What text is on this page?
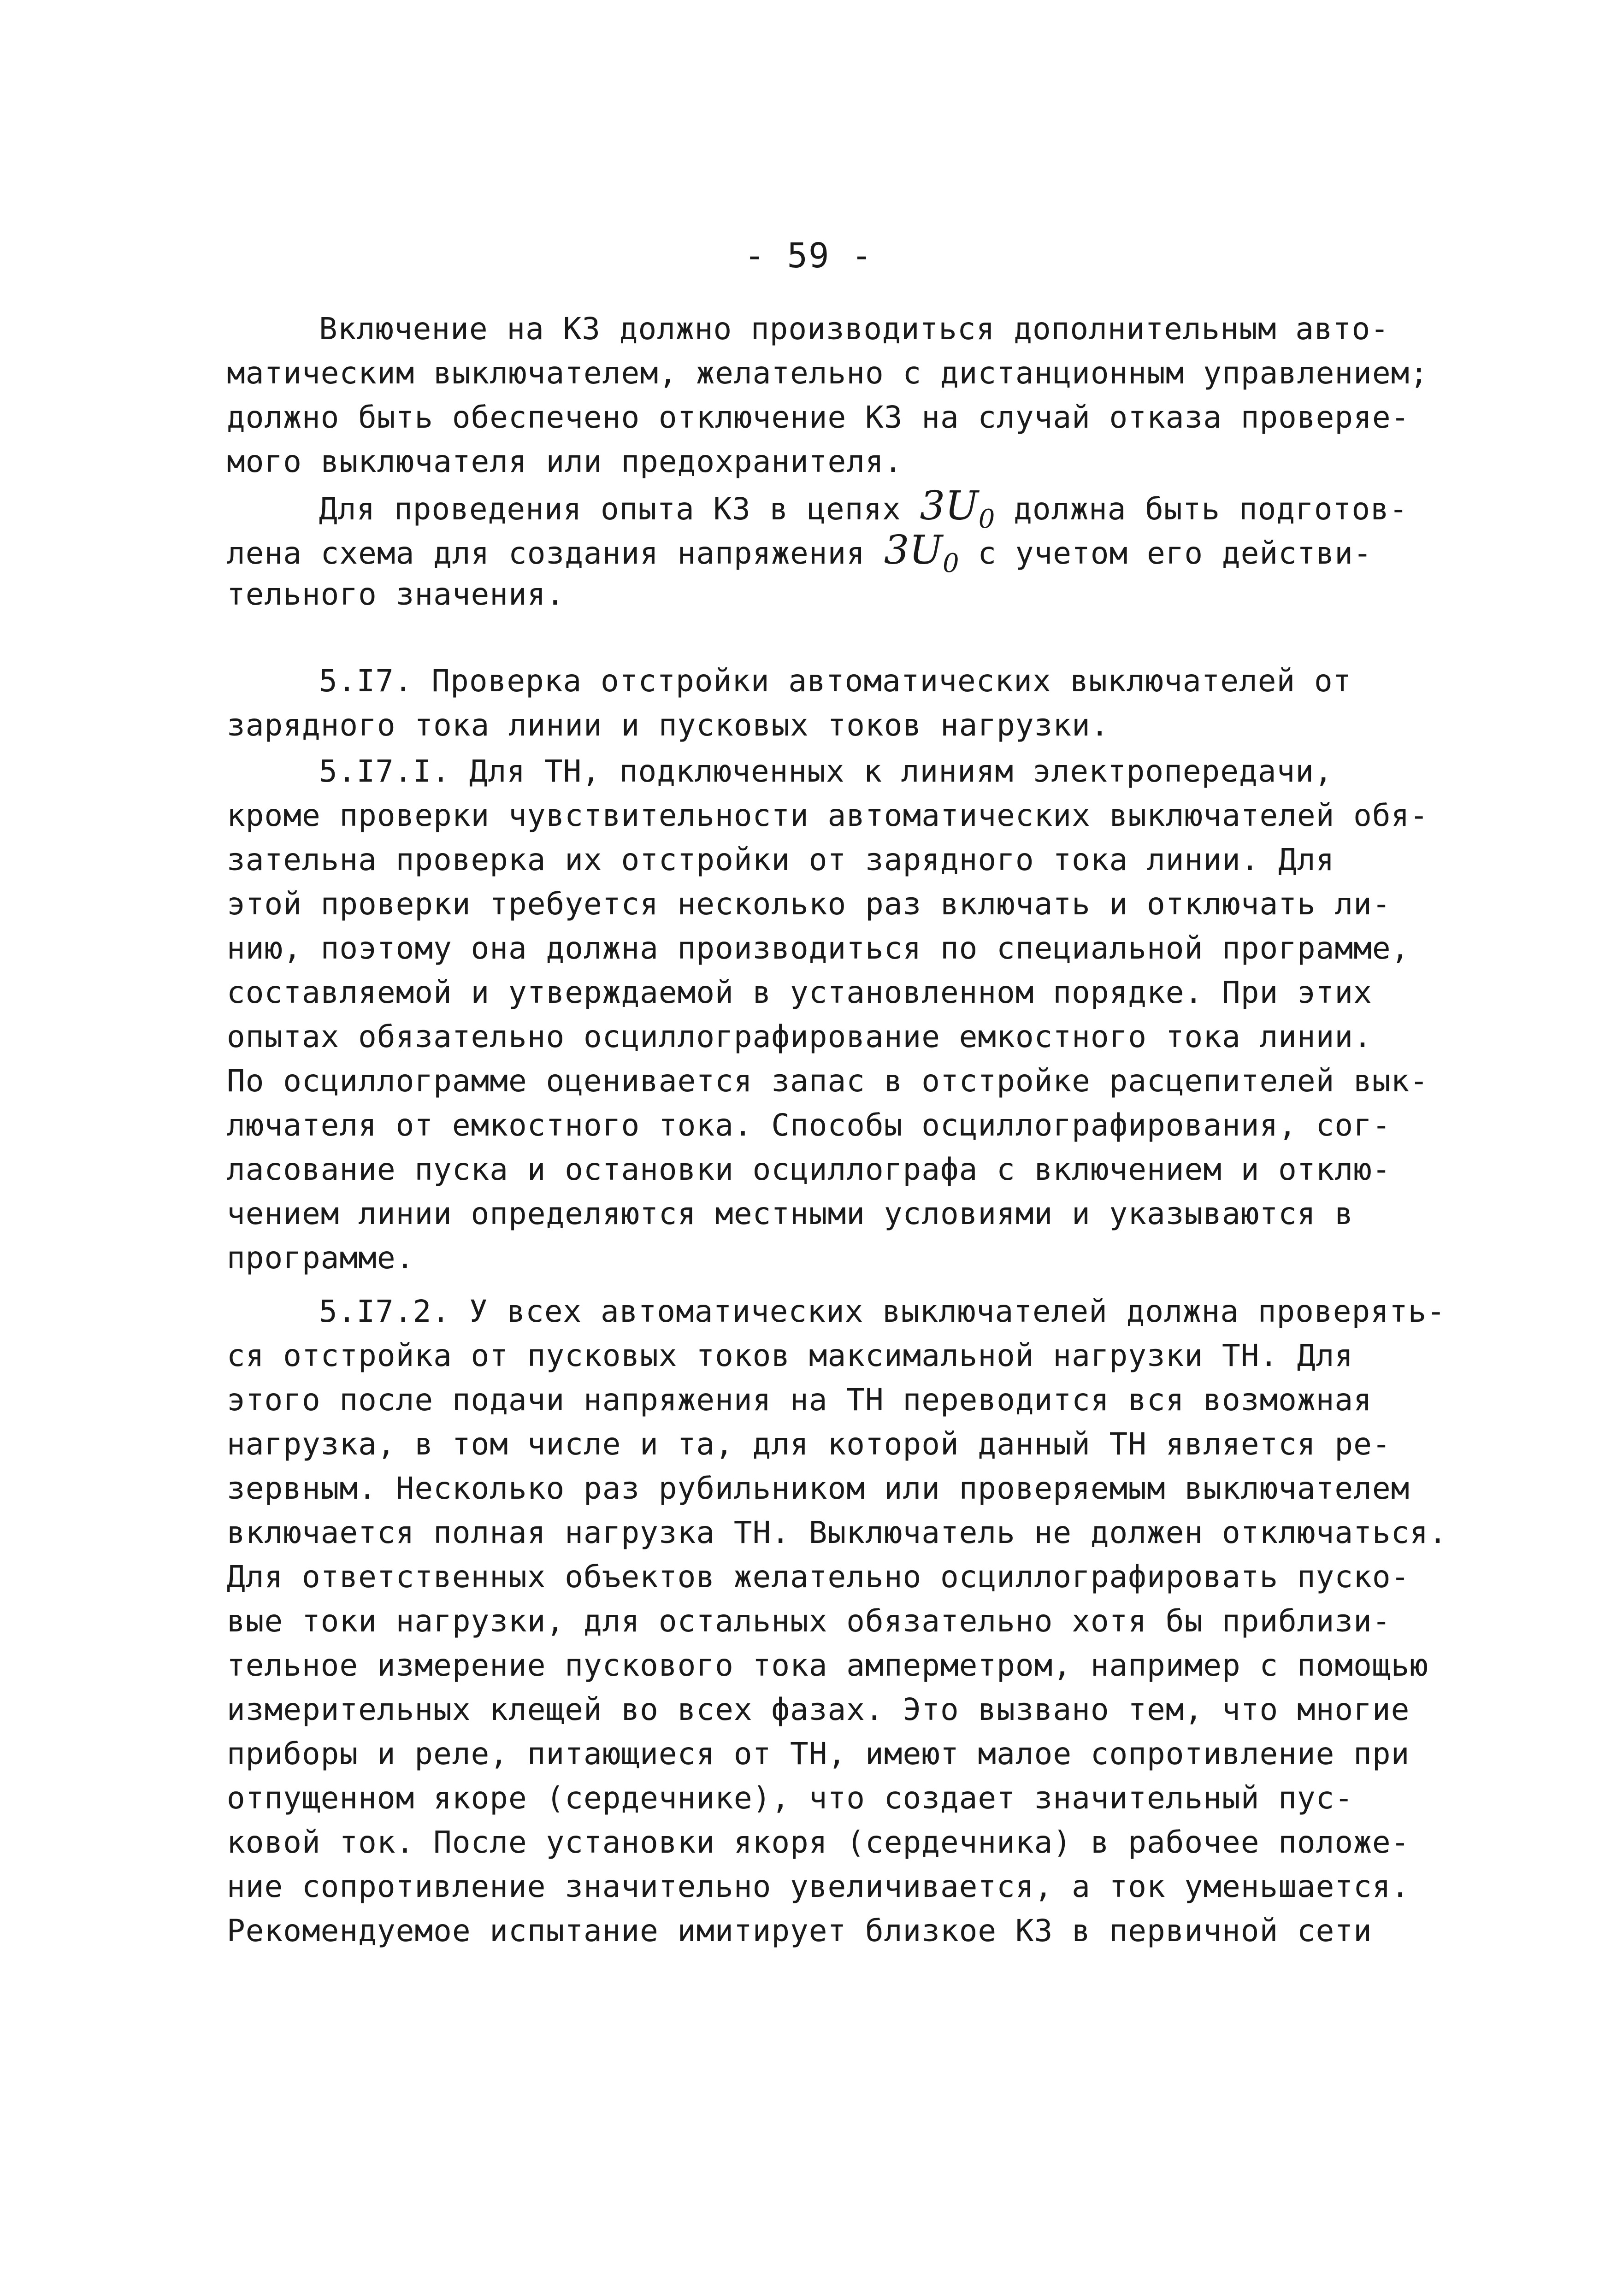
- 59 -
Включение на КЗ должно производиться дополнительным авто-
матическим выключателем, желательно с дистанционным управлением;
должно быть обеспечено отключение КЗ на случай отказа проверяе-
мого выключателя или предохранителя.
Для проведения опыта КЗ в цепях $3U_0$ должна быть подготов-
лена схема для создания напряжения $3U_0$ с учетом его действи-
тельного значения.
5.I7. Проверка отстройки автоматических выключателей от
зарядного тока линии и пусковых токов нагрузки.
5.I7.I. Для ТН, подключенных к линиям электропередачи,
кроме проверки чувствительности автоматических выключателей обя-
зательна проверка их отстройки от зарядного тока линии. Для
этой проверки требуется несколько раз включать и отключать ли-
нию, поэтому она должна производиться по специальной программе,
составляемой и утверждаемой в установленном порядке. При этих
опытах обязательно осциллографирование емкостного тока линии.
По осциллограмме оценивается запас в отстройке расцепителей вык-
лючателя от емкостного тока. Способы осциллографирования, сог-
ласование пуска и остановки осциллографа с включением и отклю-
чением линии определяются местными условиями и указываются в
программе.
5.I7.2. У всех автоматических выключателей должна проверять-
ся отстройка от пусковых токов максимальной нагрузки ТН. Для
этого после подачи напряжения на ТН переводится вся возможная
нагрузка, в том числе и та, для которой данный ТН является ре-
зервным. Несколько раз рубильником или проверяемым выключателем
включается полная нагрузка ТН. Выключатель не должен отключаться.
Для ответственных объектов желательно осциллографировать пуско-
вые токи нагрузки, для остальных обязательно хотя бы приблизи-
тельное измерение пускового тока амперметром, например с помощью
измерительных клещей во всех фазах. Это вызвано тем, что многие
приборы и реле, питающиеся от ТН, имеют малое сопротивление при
отпущенном якоре (сердечнике), что создает значительный пус-
ковой ток. После установки якоря (сердечника) в рабочее положе-
ние сопротивление значительно увеличивается, а ток уменьшается.
Рекомендуемое испытание имитирует близкое КЗ в первичной сети
